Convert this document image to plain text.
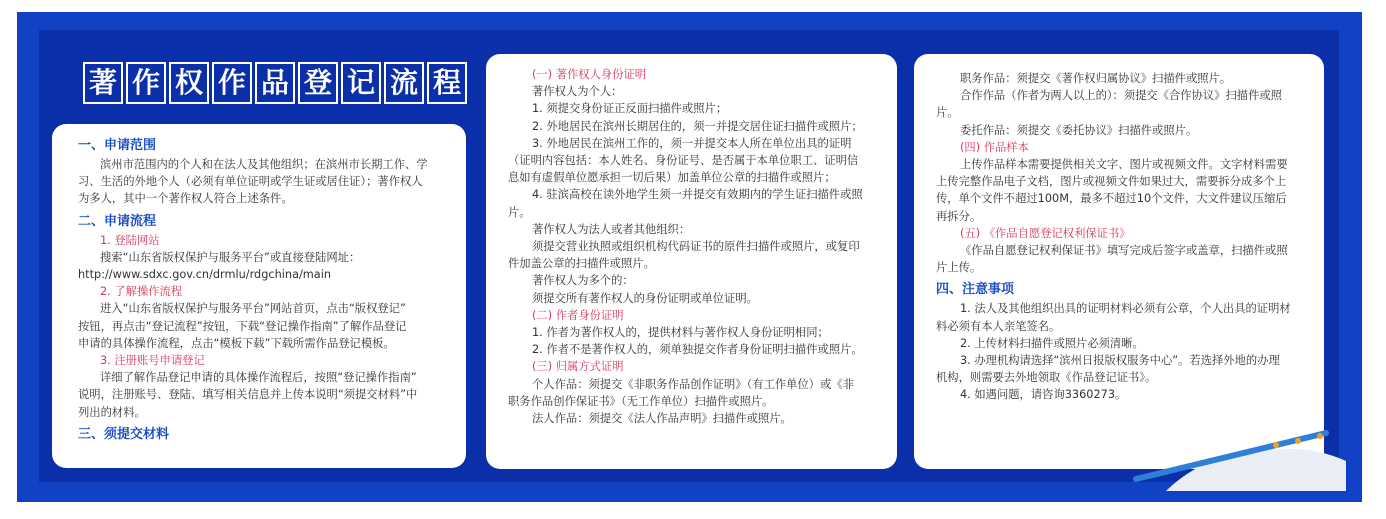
著 作 权 作 品 登 记 流 程
一、申请范围
滨州市范围内的个人和在法人及其他组织；在滨州市长期工作、学
习、生活的外地个人（必须有单位证明或学生证或居住证）；著作权人
为多人，其中一个著作权人符合上述条件。
二、申请流程
1. 登陆网站
搜索“山东省版权保护与服务平台”或直接登陆网址：
http://www.sdxc.gov.cn/drmlu/rdgchina/main
2. 了解操作流程
进入“山东省版权保护与服务平台”网站首页，点击“版权登记”
按钮，再点击“登记流程”按钮，下载“登记操作指南”了解作品登记
申请的具体操作流程，点击“模板下载”下载所需作品登记模板。
3. 注册账号申请登记
详细了解作品登记申请的具体操作流程后，按照“登记操作指南”
说明，注册账号、登陆、填写相关信息并上传本说明“须提交材料”中
列出的材料。
三、须提交材料
(一) 著作权人身份证明
著作权人为个人：
1. 须提交身份证正反面扫描件或照片；
2. 外地居民在滨州长期居住的，须一并提交居住证扫描件或照片；
3. 外地居民在滨州工作的，须一并提交本人所在单位出具的证明
（证明内容包括：本人姓名、身份证号、是否属于本单位职工、证明信
息如有虚假单位愿承担一切后果）加盖单位公章的扫描件或照片；
4. 驻滨高校在读外地学生须一并提交有效期内的学生证扫描件或照
片。
著作权人为法人或者其他组织：
须提交营业执照或组织机构代码证书的原件扫描件或照片，或复印
件加盖公章的扫描件或照片。
著作权人为多个的：
须提交所有著作权人的身份证明或单位证明。
(二) 作者身份证明
1. 作者为著作权人的，提供材料与著作权人身份证明相同；
2. 作者不是著作权人的，须单独提交作者身份证明扫描件或照片。
(三) 归属方式证明
个人作品：须提交《非职务作品创作证明》（有工作单位）或《非
职务作品创作保证书》（无工作单位）扫描件或照片。
法人作品：须提交《法人作品声明》扫描件或照片。
职务作品：须提交《著作权归属协议》扫描件或照片。
合作作品（作者为两人以上的）：须提交《合作协议》扫描件或照
片。
委托作品：须提交《委托协议》扫描件或照片。
(四) 作品样本
上传作品样本需要提供相关文字、图片或视频文件。文字材料需要
上传完整作品电子文档，图片或视频文件如果过大，需要拆分成多个上
传，单个文件不超过100M，最多不超过10个文件，大文件建议压缩后
再拆分。
(五) 《作品自愿登记权利保证书》
《作品自愿登记权利保证书》填写完成后签字或盖章，扫描件或照
片上传。
四、注意事项
1. 法人及其他组织出具的证明材料必须有公章，个人出具的证明材
料必须有本人亲笔签名。
2. 上传材料扫描件或照片必须清晰。
3. 办理机构请选择“滨州日报版权服务中心”。若选择外地的办理
机构，则需要去外地领取《作品登记证书》。
4. 如遇问题，请咨询3360273。
